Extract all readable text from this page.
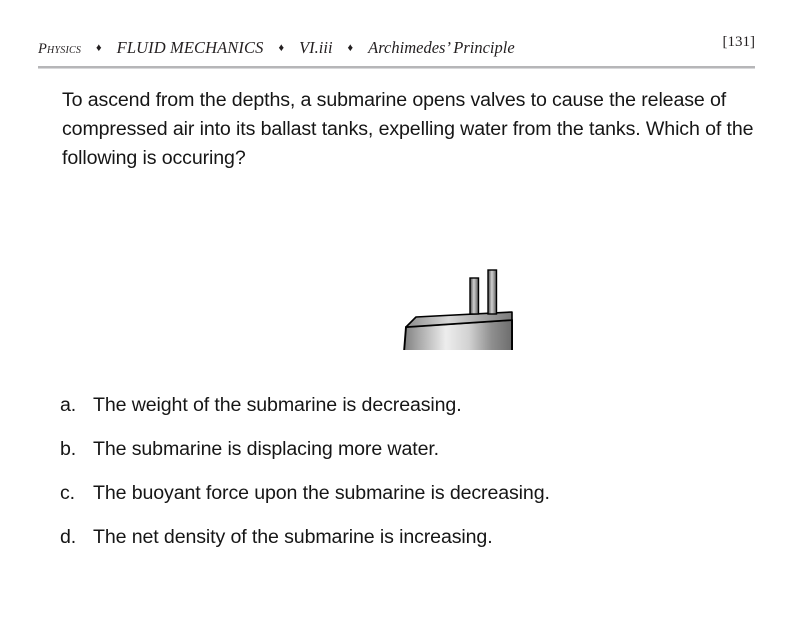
Physics ♦ FLUID MECHANICS ♦ VI.iii ♦ Archimedes’ Principle	[131]
To ascend from the depths, a submarine opens valves to cause the release of compressed air into its ballast tanks, expelling water from the tanks. Which of the following is occuring?
a. The weight of the submarine is decreasing.
b. The submarine is displacing more water.
c. The buoyant force upon the submarine is decreasing.
d. The net density of the submarine is increasing.
